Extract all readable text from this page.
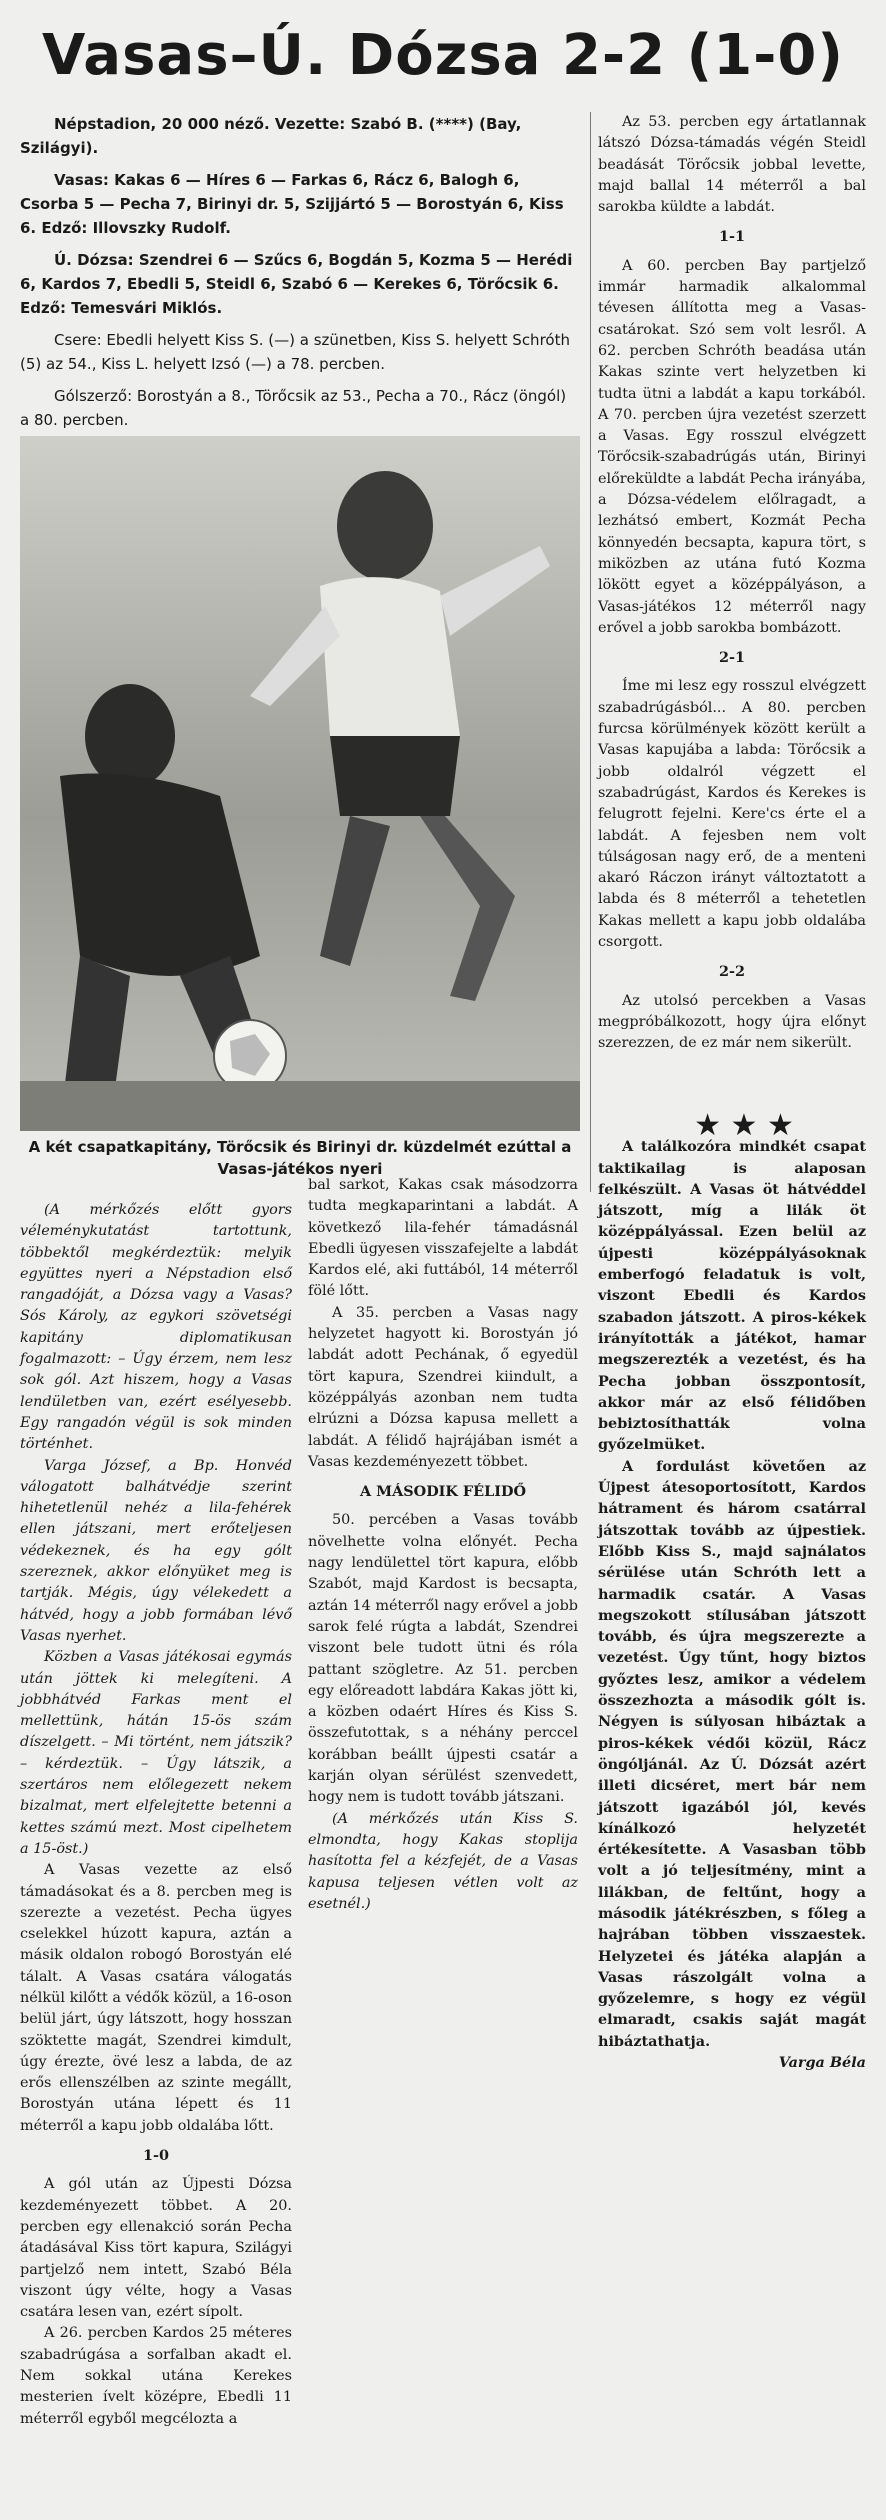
Vasas–Ú. Dózsa 2-2 (1-0)

Népstadion, 20 000 néző. Vezette: Szabó B. (****) (Bay, Szilágyi).

Vasas: Kakas 6 — Híres 6 — Farkas 6, Rácz 6, Balogh 6, Csorba 5 — Pecha 7, Birinyi dr. 5, Szijjártó 5 — Borostyán 6, Kiss 6. Edző: Illovszky Rudolf.

Ú. Dózsa: Szendrei 6 — Szűcs 6, Bogdán 5, Kozma 5 — Herédi 6, Kardos 7, Ebedli 5, Steidl 6, Szabó 6 — Kerekes 6, Törőcsik 6. Edző: Temesvári Miklós.

Csere: Ebedli helyett Kiss S. (—) a szünetben, Kiss S. helyett Schróth (5) az 54., Kiss L. helyett Izsó (—) a 78. percben.

Gólszerző: Borostyán a 8., Törőcsik az 53., Pecha a 70., Rácz (öngól) a 80. percben.

A két csapatkapitány, Törőcsik és Birinyi dr. küzdelmét ezúttal a Vasas-játékos nyeri

(A mérkőzés előtt gyors véleménykutatást tartottunk, többektől megkérdeztük: melyik együttes nyeri a Népstadion első rangadóját, a Dózsa vagy a Vasas? Sós Károly, az egykori szövetségi kapitány diplomatikusan fogalmazott: – Úgy érzem, nem lesz sok gól. Azt hiszem, hogy a Vasas lendületben van, ezért esélyesebb. Egy rangadón végül is sok minden történhet.

Varga József, a Bp. Honvéd válogatott balhátvédje szerint hihetetlenül nehéz a lila-fehérek ellen játszani, mert erőteljesen védekeznek, és ha egy gólt szereznek, akkor előnyüket meg is tartják. Mégis, úgy vélekedett a hátvéd, hogy a jobb formában lévő Vasas nyerhet.

Közben a Vasas játékosai egymás után jöttek ki melegíteni. A jobbhátvéd Farkas ment el mellettünk, hátán 15-ös szám díszelgett. – Mi történt, nem játszik? – kérdeztük. – Úgy látszik, a szertáros nem előlegezett nekem bizalmat, mert elfelejtette betenni a kettes számú mezt. Most cipelhetem a 15-öst.)

A Vasas vezette az első támadásokat és a 8. percben meg is szerezte a vezetést. Pecha ügyes cselekkel húzott kapura, aztán a másik oldalon robogó Borostyán elé tálalt. A Vasas csatára válogatás nélkül kilőtt a védők közül, a 16-oson belül járt, úgy látszott, hogy hosszan szöktette magát, Szendrei kimdult, úgy érezte, övé lesz a labda, de az erős ellenszélben az szinte megállt, Borostyán utána lépett és 11 méterről a kapu jobb oldalába lőtt.

1-0

A gól után az Újpesti Dózsa kezdeményezett többet. A 20. percben egy ellenakció során Pecha átadásával Kiss tört kapura, Szilágyi partjelző nem intett, Szabó Béla viszont úgy vélte, hogy a Vasas csatára lesen van, ezért sípolt.

A 26. percben Kardos 25 méteres szabadrúgása a sorfalban akadt el. Nem sokkal utána Kerekes mesterien ívelt középre, Ebedli 11 méterről egyből megcélozta a

bal sarkot, Kakas csak másodzorra tudta megkaparintani a labdát. A következő lila-fehér támadásnál Ebedli ügyesen visszafejelte a labdát Kardos elé, aki futtából, 14 méterről fölé lőtt.

A 35. percben a Vasas nagy helyzetet hagyott ki. Borostyán jó labdát adott Pechának, ő egyedül tört kapura, Szendrei kiindult, a középpályás azonban nem tudta elrúzni a Dózsa kapusa mellett a labdát. A félidő hajrájában ismét a Vasas kezdeményezett többet.

A MÁSODIK FÉLIDŐ

50. percében a Vasas tovább növelhette volna előnyét. Pecha nagy lendülettel tört kapura, előbb Szabót, majd Kardost is becsapta, aztán 14 méterről nagy erővel a jobb sarok felé rúgta a labdát, Szendrei viszont bele tudott ütni és róla pattant szögletre. Az 51. percben egy előreadott labdára Kakas jött ki, a közben odaért Híres és Kiss S. összefutottak, s a néhány perccel korábban beállt újpesti csatár a karján olyan sérülést szenvedett, hogy nem is tudott tovább játszani.

(A mérkőzés után Kiss S. elmondta, hogy Kakas stoplija hasította fel a kézfejét, de a Vasas kapusa teljesen vétlen volt az esetnél.)

Az 53. percben egy ártatlannak látszó Dózsa-támadás végén Steidl beadását Törőcsik jobbal levette, majd ballal 14 méterről a bal sarokba küldte a labdát.

1-1

A 60. percben Bay partjelző immár harmadik alkalommal tévesen állította meg a Vasas-csatárokat. Szó sem volt lesről. A 62. percben Schróth beadása után Kakas szinte vert helyzetben ki tudta ütni a labdát a kapu torkából. A 70. percben újra vezetést szerzett a Vasas. Egy rosszul elvégzett Törőcsik-szabadrúgás után, Birinyi előreküldte a labdát Pecha irányába, a Dózsa-védelem előlragadt, a lezhátsó embert, Kozmát Pecha könnyedén becsapta, kapura tört, s miközben az utána futó Kozma lökött egyet a középpályáson, a Vasas-játékos 12 méterről nagy erővel a jobb sarokba bombázott.

2-1

Íme mi lesz egy rosszul elvégzett szabadrúgásból... A 80. percben furcsa körülmények között került a Vasas kapujába a labda: Törőcsik a jobb oldalról végzett el szabadrúgást, Kardos és Kerekes is felugrott fejelni. Kere'cs érte el a labdát. A fejesben nem volt túlságosan nagy erő, de a menteni akaró Ráczon irányt változtatott a labda és 8 méterről a tehetetlen Kakas mellett a kapu jobb oldalába csorgott.

2-2

Az utolsó percekben a Vasas megpróbálkozott, hogy újra előnyt szerezzen, de ez már nem sikerült.

★ ★ ★

A találkozóra mindkét csapat taktikailag is alaposan felkészült. A Vasas öt hátvéddel játszott, míg a lilák öt középpályással. Ezen belül az újpesti középpályásoknak emberfogó feladatuk is volt, viszont Ebedli és Kardos szabadon játszott. A piros-kékek irányították a játékot, hamar megszerezték a vezetést, és ha Pecha jobban összpontosít, akkor már az első félidőben bebiztosíthatták volna győzelmüket.

A fordulást követően az Újpest átesoportosított, Kardos hátrament és három csatárral játszottak tovább az újpestiek. Előbb Kiss S., majd sajnálatos sérülése után Schróth lett a harmadik csatár. A Vasas megszokott stílusában játszott tovább, és újra megszerezte a vezetést. Úgy tűnt, hogy biztos győztes lesz, amikor a védelem összezhozta a második gólt is. Négyen is súlyosan hibáztak a piros-kékek védői közül, Rácz öngóljánál. Az Ú. Dózsát azért illeti dicséret, mert bár nem játszott igazából jól, kevés kínálkozó helyzetét értékesítette. A Vasasban több volt a jó teljesítmény, mint a lilákban, de feltűnt, hogy a második játékrészben, s főleg a hajrában többen visszaestek. Helyzetei és játéka alapján a Vasas rászolgált volna a győzelemre, s hogy ez végül elmaradt, csakis saját magát hibáztathatja.

Varga Béla
